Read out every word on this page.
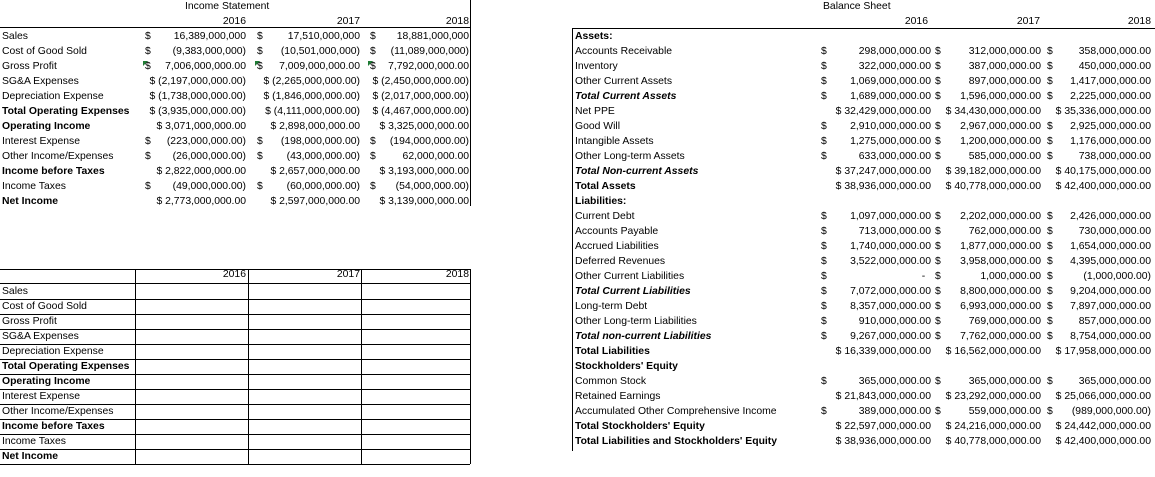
Income Statement
2016	2017	2018
Sales	$ 16,389,000,000 $ 17,510,000,000 $ 18,881,000,000
Cost of Good Sold	$ (9,383,000,000) $ (10,501,000,000) $ (11,089,000,000)
Gross Profit	$ 7,006,000,000.00 $ 7,009,000,000.00 $ 7,792,000,000.00
SG&A Expenses	$ (2,197,000,000.00) $ (2,265,000,000.00) $ (2,450,000,000.00)
Depreciation Expense	$ (1,738,000,000.00) $ (1,846,000,000.00) $ (2,017,000,000.00)
Total Operating Expenses $ (3,935,000,000.00) $ (4,111,000,000.00) $ (4,467,000,000.00)
Operating Income	$ 3,071,000,000.00 $ 2,898,000,000.00 $ 3,325,000,000.00
Interest Expense	$ (223,000,000.00) $ (198,000,000.00) $ (194,000,000.00)
Other Income/Expenses	$ (26,000,000.00) $ (43,000,000.00) $	62,000,000.00
Income before Taxes	$ 2,822,000,000.00 $ 2,657,000,000.00 $ 3,193,000,000.00
Income Taxes	$ (49,000,000.00) $ (60,000,000.00) $ (54,000,000.00)
Net Income	$ 2,773,000,000.00 $ 2,597,000,000.00 $ 3,139,000,000.00
2016	2017	2018
Sales
Cost of Good Sold
Gross Profit
SG&A Expenses
Depreciation Expense
Total Operating Expenses
Operating Income
Interest Expense
Other Income/Expenses
Income before Taxes
Income Taxes
Net Income
Balance Sheet
2016	2017	2018
Assets:
Accounts Receivable	$	298,000,000.00 $	312,000,000.00 $ 358,000,000.00
Inventory	$	322,000,000.00 $	387,000,000.00 $ 450,000,000.00
Other Current Assets	$ 1,069,000,000.00 $	897,000,000.00 $ 1,417,000,000.00
Total Current Assets	$ 1,689,000,000.00 $ 1,596,000,000.00 $ 2,225,000,000.00
Net PPE	$ 32,429,000,000.00 $ 34,430,000,000.00 $ 35,336,000,000.00
Good Will	$ 2,910,000,000.00 $ 2,967,000,000.00 $ 2,925,000,000.00
Intangible Assets	$ 1,275,000,000.00 $ 1,200,000,000.00 $ 1,176,000,000.00
Other Long-term Assets	$	633,000,000.00 $	585,000,000.00 $ 738,000,000.00
Total Non-current Assets	$ 37,247,000,000.00 $ 39,182,000,000.00 $ 40,175,000,000.00
Total Assets	$ 38,936,000,000.00 $ 40,778,000,000.00 $ 42,400,000,000.00
Liabilities:
Current Debt	$ 1,097,000,000.00 $ 2,202,000,000.00 $ 2,426,000,000.00
Accounts Payable	$	713,000,000.00 $	762,000,000.00 $ 730,000,000.00
Accrued Liabilities	$ 1,740,000,000.00 $ 1,877,000,000.00 $ 1,654,000,000.00
Deferred Revenues	$ 3,522,000,000.00 $ 3,958,000,000.00 $ 4,395,000,000.00
Other Current Liabilities	$	- $	1,000,000.00 $	(1,000,000.00)
Total Current Liabilities	$ 7,072,000,000.00 $ 8,800,000,000.00 $ 9,204,000,000.00
Long-term Debt	$ 8,357,000,000.00 $ 6,993,000,000.00 $ 7,897,000,000.00
Other Long-term Liabilities	$	910,000,000.00 $	769,000,000.00 $ 857,000,000.00
Total non-current Liabilities	$ 9,267,000,000.00 $ 7,762,000,000.00 $ 8,754,000,000.00
Total Liabilities	$ 16,339,000,000.00 $ 16,562,000,000.00 $ 17,958,000,000.00
Stockholders' Equity
Common Stock	$	365,000,000.00 $	365,000,000.00 $ 365,000,000.00
Retained Earnings	$ 21,843,000,000.00 $ 23,292,000,000.00 $ 25,066,000,000.00
Accumulated Other Comprehensive Income	$	389,000,000.00 $	559,000,000.00 $ (989,000,000.00)
Total Stockholders' Equity	$ 22,597,000,000.00 $ 24,216,000,000.00 $ 24,442,000,000.00
Total Liabilities and Stockholders' Equity	$ 38,936,000,000.00 $ 40,778,000,000.00 $ 42,400,000,000.00
